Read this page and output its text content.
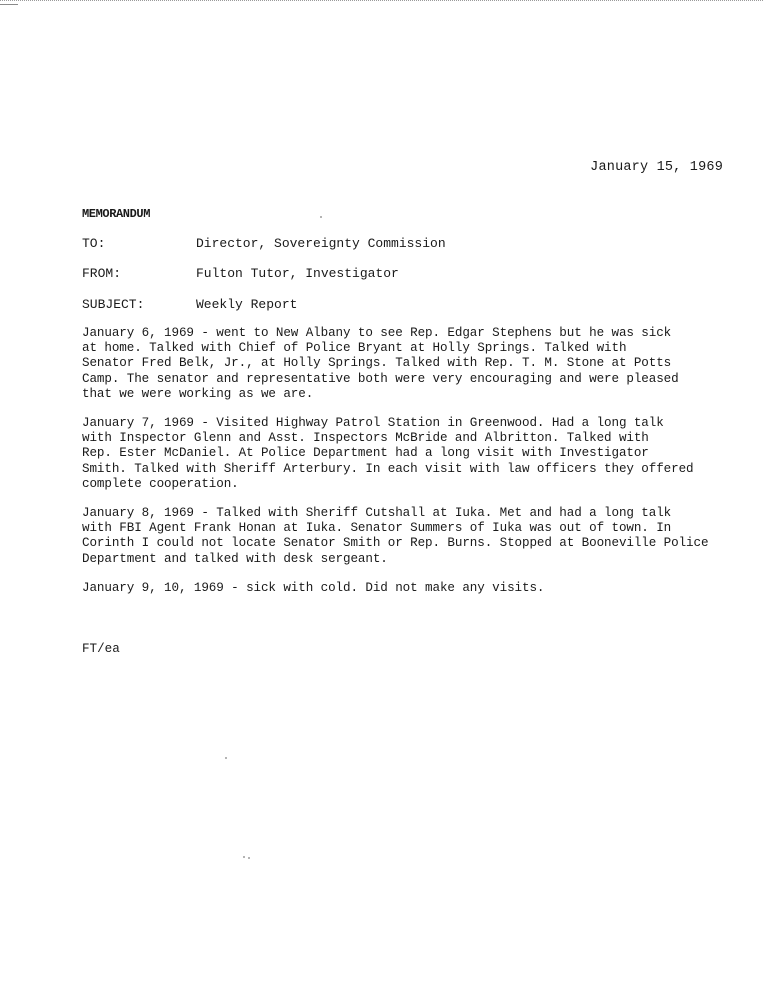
January 15, 1969
MEMORANDUM
TO:	Director, Sovereignty Commission
FROM:	Fulton Tutor, Investigator
SUBJECT:	Weekly Report
January 6, 1969 - went to New Albany to see Rep. Edgar Stephens but he was sick
at home. Talked with Chief of Police Bryant at Holly Springs. Talked with
Senator Fred Belk, Jr., at Holly Springs. Talked with Rep. T. M. Stone at Potts
Camp. The senator and representative both were very encouraging and were pleased
that we were working as we are.
January 7, 1969 - Visited Highway Patrol Station in Greenwood. Had a long talk
with Inspector Glenn and Asst. Inspectors McBride and Albritton. Talked with
Rep. Ester McDaniel. At Police Department had a long visit with Investigator
Smith. Talked with Sheriff Arterbury. In each visit with law officers they offered
complete cooperation.
January 8, 1969 - Talked with Sheriff Cutshall at Iuka. Met and had a long talk
with FBI Agent Frank Honan at Iuka. Senator Summers of Iuka was out of town. In
Corinth I could not locate Senator Smith or Rep. Burns. Stopped at Booneville Police
Department and talked with desk sergeant.
January 9, 10, 1969 - sick with cold. Did not make any visits.
FT/ea
